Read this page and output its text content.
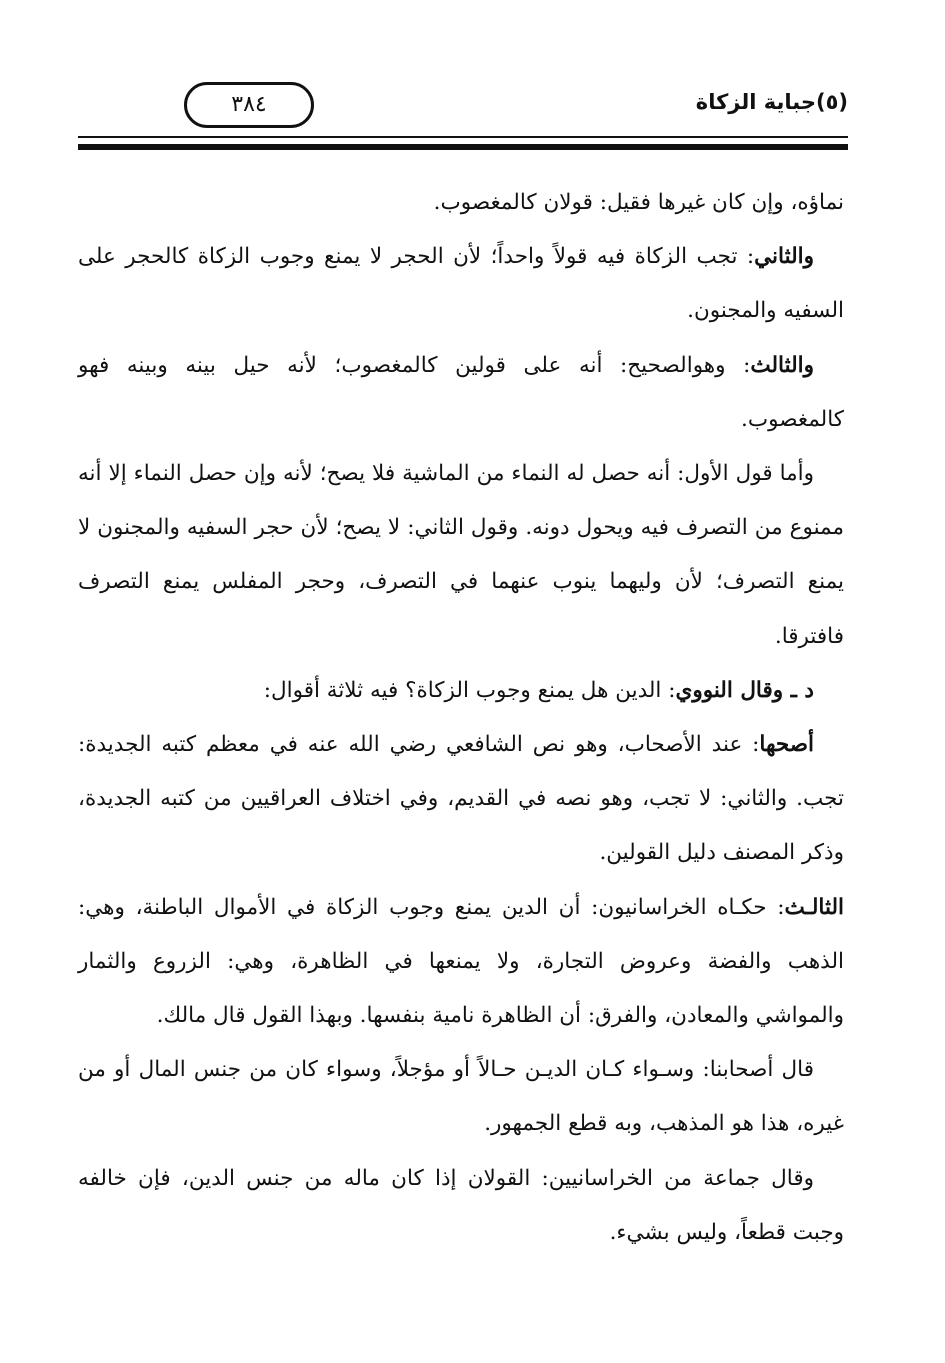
(٥)جباية الزكاة
٣٨٤

نماؤه، وإن كان غيرها فقيل: قولان كالمغصوب.

والثاني: تجب الزكاة فيه قولاً واحداً؛ لأن الحجر لا يمنع وجوب الزكاة كالحجر على السفيه والمجنون.

والثالث: وهوالصحيح: أنه على قولين كالمغصوب؛ لأنه حيل بينه وبينه فهو كالمغصوب.

وأما قول الأول: أنه حصل له النماء من الماشية فلا يصح؛ لأنه وإن حصل النماء إلا أنه ممنوع من التصرف فيه ويحول دونه. وقول الثاني: لا يصح؛ لأن حجر السفيه والمجنون لا يمنع التصرف؛ لأن وليهما ينوب عنهما في التصرف، وحجر المفلس يمنع التصرف فافترقا.

د ـ وقال النووي: الدين هل يمنع وجوب الزكاة؟ فيه ثلاثة أقوال:

أصحها: عند الأصحاب، وهو نص الشافعي رضي الله عنه في معظم كتبه الجديدة: تجب. والثاني: لا تجب، وهو نصه في القديم، وفي اختلاف العراقيين من كتبه الجديدة، وذكر المصنف دليل القولين.

الثالـث: حكـاه الخراسانيون: أن الدين يمنع وجوب الزكاة في الأموال الباطنة، وهي: الذهب والفضة وعروض التجارة، ولا يمنعها في الظاهرة، وهي: الزروع والثمار والمواشي والمعادن، والفرق: أن الظاهرة نامية بنفسها. وبهذا القول قال مالك.

قال أصحابنا: وسـواء كـان الديـن حـالاً أو مؤجلاً، وسواء كان من جنس المال أو من غيره، هذا هو المذهب، وبه قطع الجمهور.

وقال جماعة من الخراسانيين: القولان إذا كان ماله من جنس الدين، فإن خالفه وجبت قطعاً، وليس بشيء.
